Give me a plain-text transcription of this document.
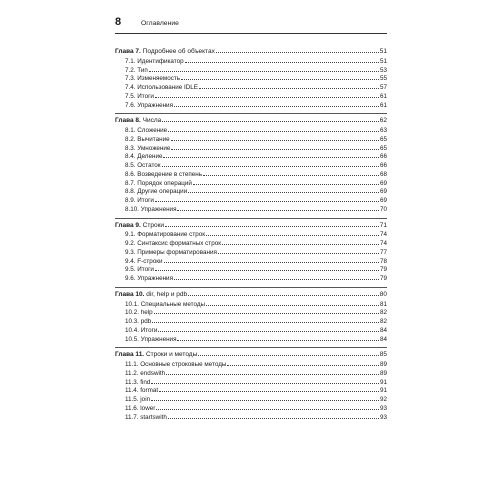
8	Оглавление
Глава 7. Подробнее об объектах	51
7.1. Идентификатор	51
7.2. Тип	53
7.3. Изменяемость	55
7.4. Использование IDLE	57
7.5. Итоги	61
7.6. Упражнения	61
Глава 8. Числа	62
8.1. Сложение	63
8.2. Вычитание	65
8.3. Умножение	65
8.4. Деление	66
8.5. Остаток	66
8.6. Возведение в степень	68
8.7. Порядок операций	69
8.8. Другие операции	69
8.9. Итоги	69
8.10. Упражнения	70
Глава 9. Строки	71
9.1. Форматирование строк	74
9.2. Синтаксис форматных строк	74
9.3. Примеры форматирования	77
9.4. F-строки	78
9.5. Итоги	79
9.6. Упражнения	79
Глава 10. dir, help и pdb	80
10.1. Специальные методы	81
10.2. help	82
10.3. pdb	82
10.4. Итоги	84
10.5. Упражнения	84
Глава 11. Строки и методы	85
11.1. Основные строковые методы	89
11.2. endswith	89
11.3. find	91
11.4. format	91
11.5. join	92
11.6. lower	93
11.7. startswith	93
